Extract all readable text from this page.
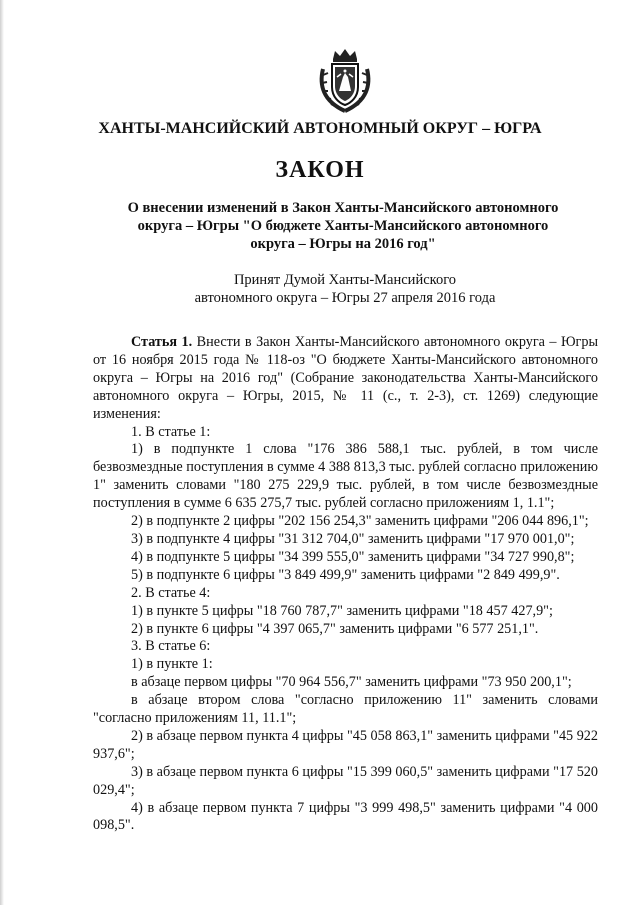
ХАНТЫ-МАНСИЙСКИЙ АВТОНОМНЫЙ ОКРУГ – ЮГРА
ЗАКОН
О внесении изменений в Закон Ханты-Мансийского автономного
округа – Югры "О бюджете Ханты-Мансийского автономного
округа – Югры на 2016 год"
Принят Думой Ханты-Мансийского
автономного округа – Югры 27 апреля 2016 года

Статья 1. Внести в Закон Ханты-Мансийского автономного округа – Югры от 16 ноября 2015 года № 118-оз "О бюджете Ханты-Мансийского автономного округа – Югры на 2016 год" (Собрание законодательства Ханты-Мансийского автономного округа – Югры, 2015, № 11 (с., т. 2-3), ст. 1269) следующие изменения:

1. В статье 1:

1) в подпункте 1 слова "176 386 588,1 тыс. рублей, в том числе безвозмездные поступления в сумме 4 388 813,3 тыс. рублей согласно приложению 1" заменить словами "180 275 229,9 тыс. рублей, в том числе безвозмездные поступления в сумме 6 635 275,7 тыс. рублей согласно приложениям 1, 1.1";

2) в подпункте 2 цифры "202 156 254,3" заменить цифрами "206 044 896,1";

3) в подпункте 4 цифры "31 312 704,0" заменить цифрами "17 970 001,0";

4) в подпункте 5 цифры "34 399 555,0" заменить цифрами "34 727 990,8";

5) в подпункте 6 цифры "3 849 499,9" заменить цифрами "2 849 499,9".

2. В статье 4:

1) в пункте 5 цифры "18 760 787,7" заменить цифрами "18 457 427,9";

2) в пункте 6 цифры "4 397 065,7" заменить цифрами "6 577 251,1".

3. В статье 6:

1) в пункте 1:

в абзаце первом цифры "70 964 556,7" заменить цифрами "73 950 200,1";

в абзаце втором слова "согласно приложению 11" заменить словами "согласно приложениям 11, 11.1";

2) в абзаце первом пункта 4 цифры "45 058 863,1" заменить цифрами "45 922 937,6";

3) в абзаце первом пункта 6 цифры "15 399 060,5" заменить цифрами "17 520 029,4";

4) в абзаце первом пункта 7 цифры "3 999 498,5" заменить цифрами "4 000 098,5".
